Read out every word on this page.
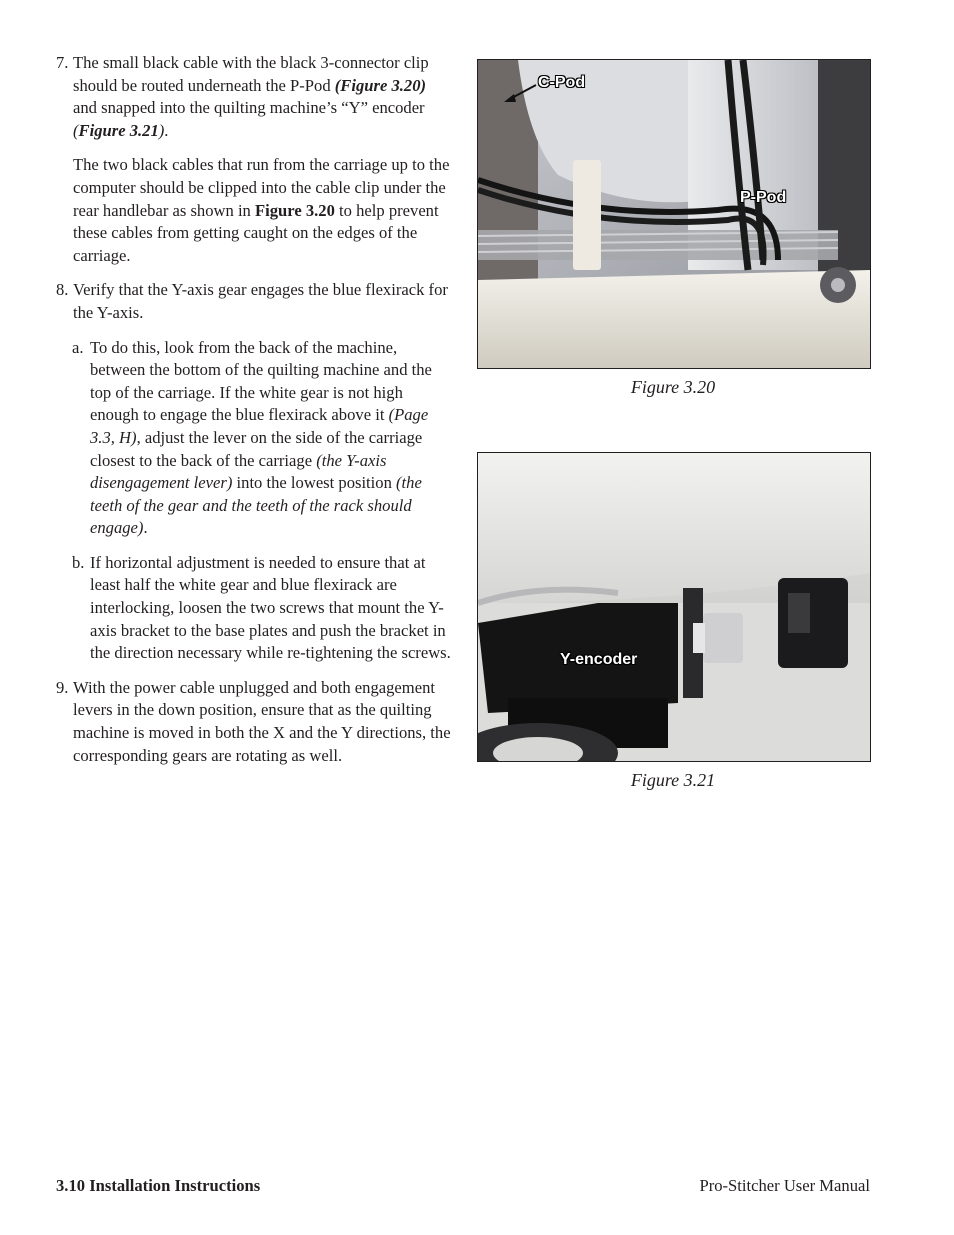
7. The small black cable with the black 3-connector clip should be routed underneath the P-Pod (Figure 3.20) and snapped into the quilting machine’s “Y” encoder (Figure 3.21).
The two black cables that run from the carriage up to the computer should be clipped into the cable clip under the rear handlebar as shown in Figure 3.20 to help prevent these cables from getting caught on the edges of the carriage.
8. Verify that the Y-axis gear engages the blue flexirack for the Y-axis.
a. To do this, look from the back of the machine, between the bottom of the quilting machine and the top of the carriage. If the white gear is not high enough to engage the blue flexirack above it (Page 3.3, H), adjust the lever on the side of the carriage closest to the back of the carriage (the Y-axis disengagement lever) into the lowest position (the teeth of the gear and the teeth of the rack should engage).
b. If horizontal adjustment is needed to ensure that at least half the white gear and blue flexirack are interlocking, loosen the two screws that mount the Y-axis bracket to the base plates and push the bracket in the direction necessary while re-tightening the screws.
9. With the power cable unplugged and both engagement levers in the down position, ensure that as the quilting machine is moved in both the X and the Y directions, the corresponding gears are rotating as well.
C-Pod
P-Pod
Figure 3.20
Y-encoder
Figure 3.21
3.10 Installation Instructions	Pro-Stitcher User Manual
